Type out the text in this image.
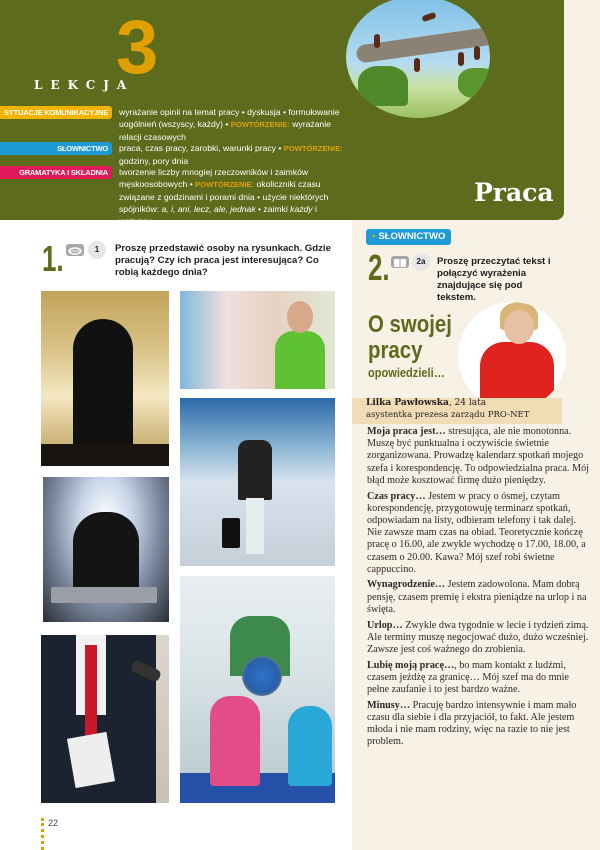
LEKCJA
3
SYTUACJE KOMUNIKACYJNE	wyrażanie opinii na temat pracy • dyskusja • formułowanie uogólnień (wszyscy, każdy) • POWTÓRZENIE: wyrażanie relacji czasowych
SŁOWNICTWO	praca, czas pracy, zarobki, warunki pracy • POWTÓRZENIE: godziny, pory dnia
GRAMATYKA I SKŁADNIA	tworzenie liczby mnogiej rzeczowników i zaimków męskoosobowych • POWTÓRZENIE: okoliczniki czasu związane z godzinami i porami dnia • użycie niektórych spójników: a, i, ani, lecz, ale, jednak • zaimki każdy i wszyscy
Praca
1.	1	Proszę przedstawić osoby na rysunkach. Gdzie pracują? Czy ich praca jest interesująca? Co robią każdego dnia?
22
• SŁOWNICTWO
2.	2a	Proszę przeczytać tekst i połączyć wyrażenia znajdujące się pod tekstem.
O swojej
pracy
opowiedzieli…
Lilka Pawłowska, 24 lata
asystentka prezesa zarządu PRO-NET

Moja praca jest… stresująca, ale nie monotonna. Muszę być punktualna i oczywiście świetnie zorganizowana. Prowadzę kalendarz spotkań mojego szefa i korespondencję. To odpowiedzialna praca. Mój błąd może kosztować firmę dużo pieniędzy.

Czas pracy… Jestem w pracy o ósmej, czytam korespondencję, przygotowuję terminarz spotkań, odpowiadam na listy, odbieram telefony i tak dalej. Nie zawsze mam czas na obiad. Teoretycznie kończę pracę o 16.00, ale zwykle wychodzę o 17.00, 18.00, a czasem o 20.00. Kawa? Mój szef robi świetne cappuccino.

Wynagrodzenie… Jestem zadowolona. Mam dobrą pensję, czasem premię i ekstra pieniądze na urlop i na święta.

Urlop… Zwykle dwa tygodnie w lecie i tydzień zimą. Ale terminy muszę negocjować dużo, dużo wcześniej. Zawsze jest coś ważnego do zrobienia.

Lubię moją pracę…, bo mam kontakt z ludźmi, czasem jeżdżę za granicę… Mój szef ma do mnie pełne zaufanie i to jest bardzo ważne.

Minusy… Pracuję bardzo intensywnie i mam mało czasu dla siebie i dla przyjaciół, to fakt. Ale jestem młoda i nie mam rodziny, więc na razie to nie jest problem.
